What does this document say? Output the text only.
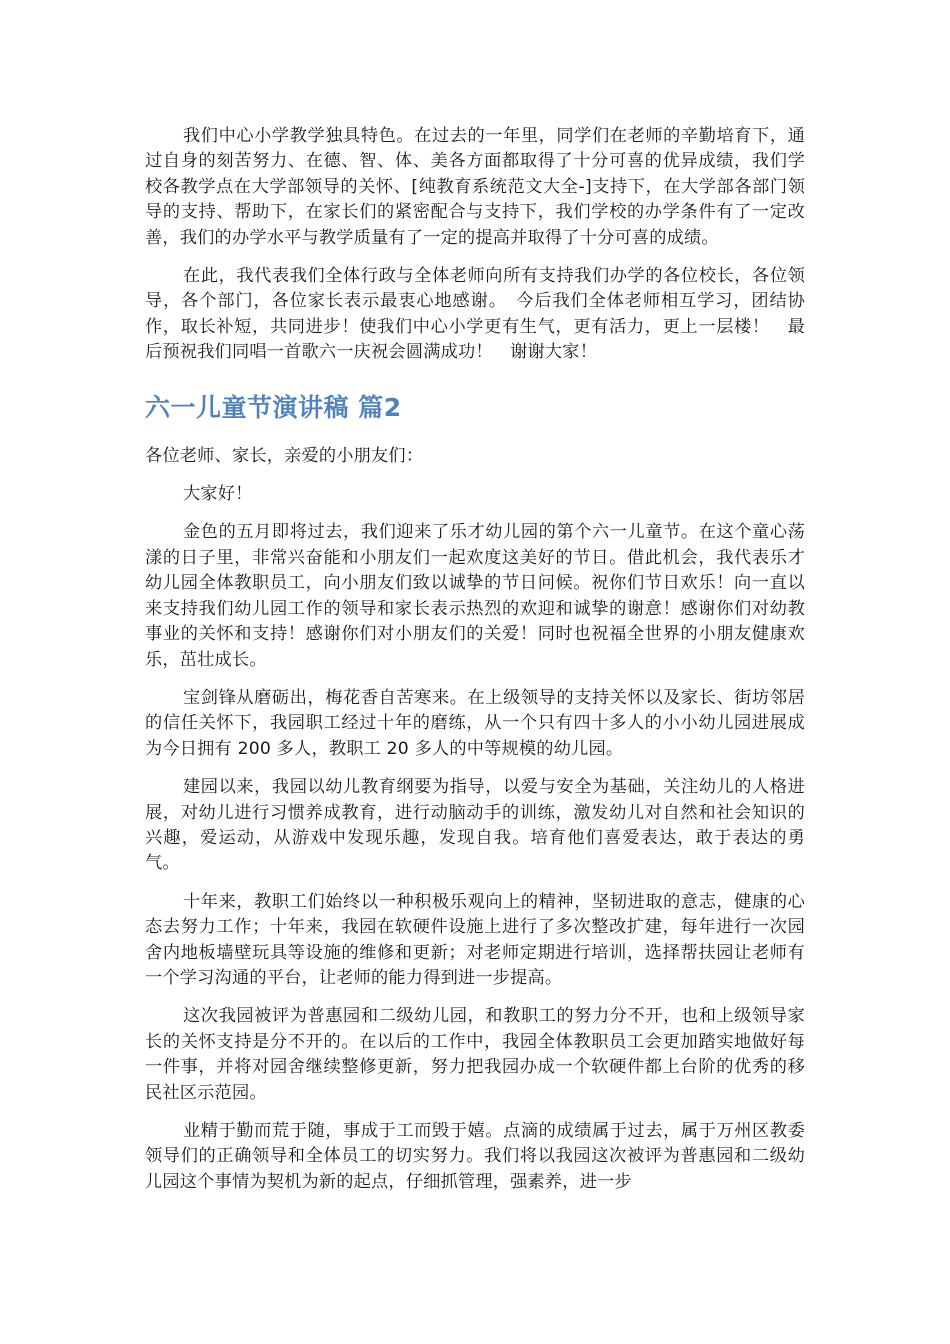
我们中心小学教学独具特色。在过去的一年里，同学们在老师的辛勤培育下，通过自身的刻苦努力、在德、智、体、美各方面都取得了十分可喜的优异成绩，我们学校各教学点在大学部领导的关怀、[纯教育系统范文大全-]支持下，在大学部各部门领导的支持、帮助下，在家长们的紧密配合与支持下，我们学校的办学条件有了一定改善，我们的办学水平与教学质量有了一定的提高并取得了十分可喜的成绩。

在此，我代表我们全体行政与全体老师向所有支持我们办学的各位校长，各位领导，各个部门，各位家长表示最衷心地感谢。　今后我们全体老师相互学习，团结协作，取长补短，共同进步！使我们中心小学更有生气，更有活力，更上一层楼！　最后预祝我们同唱一首歌六一庆祝会圆满成功！　谢谢大家！

六一儿童节演讲稿 篇2

各位老师、家长，亲爱的小朋友们：

大家好！

金色的五月即将过去，我们迎来了乐才幼儿园的第个六一儿童节。在这个童心荡漾的日子里，非常兴奋能和小朋友们一起欢度这美好的节日。借此机会，我代表乐才幼儿园全体教职员工，向小朋友们致以诚挚的节日问候。祝你们节日欢乐！向一直以来支持我们幼儿园工作的领导和家长表示热烈的欢迎和诚挚的谢意！感谢你们对幼教事业的关怀和支持！感谢你们对小朋友们的关爱！同时也祝福全世界的小朋友健康欢乐，茁壮成长。

宝剑锋从磨砺出，梅花香自苦寒来。在上级领导的支持关怀以及家长、街坊邻居的信任关怀下，我园职工经过十年的磨练，从一个只有四十多人的小小幼儿园进展成为今日拥有 200 多人，教职工 20 多人的中等规模的幼儿园。

建园以来，我园以幼儿教育纲要为指导，以爱与安全为基础，关注幼儿的人格进展，对幼儿进行习惯养成教育，进行动脑动手的训练，激发幼儿对自然和社会知识的兴趣，爱运动，从游戏中发现乐趣，发现自我。培育他们喜爱表达，敢于表达的勇气。

十年来，教职工们始终以一种积极乐观向上的精神，坚韧进取的意志，健康的心态去努力工作；十年来，我园在软硬件设施上进行了多次整改扩建，每年进行一次园舍内地板墙壁玩具等设施的维修和更新；对老师定期进行培训，选择帮扶园让老师有一个学习沟通的平台，让老师的能力得到进一步提高。

这次我园被评为普惠园和二级幼儿园，和教职工的努力分不开，也和上级领导家长的关怀支持是分不开的。在以后的工作中，我园全体教职员工会更加踏实地做好每一件事，并将对园舍继续整修更新，努力把我园办成一个软硬件都上台阶的优秀的移民社区示范园。

业精于勤而荒于随，事成于工而毁于嬉。点滴的成绩属于过去，属于万州区教委领导们的正确领导和全体员工的切实努力。我们将以我园这次被评为普惠园和二级幼儿园这个事情为契机为新的起点，仔细抓管理，强素养，进一步
